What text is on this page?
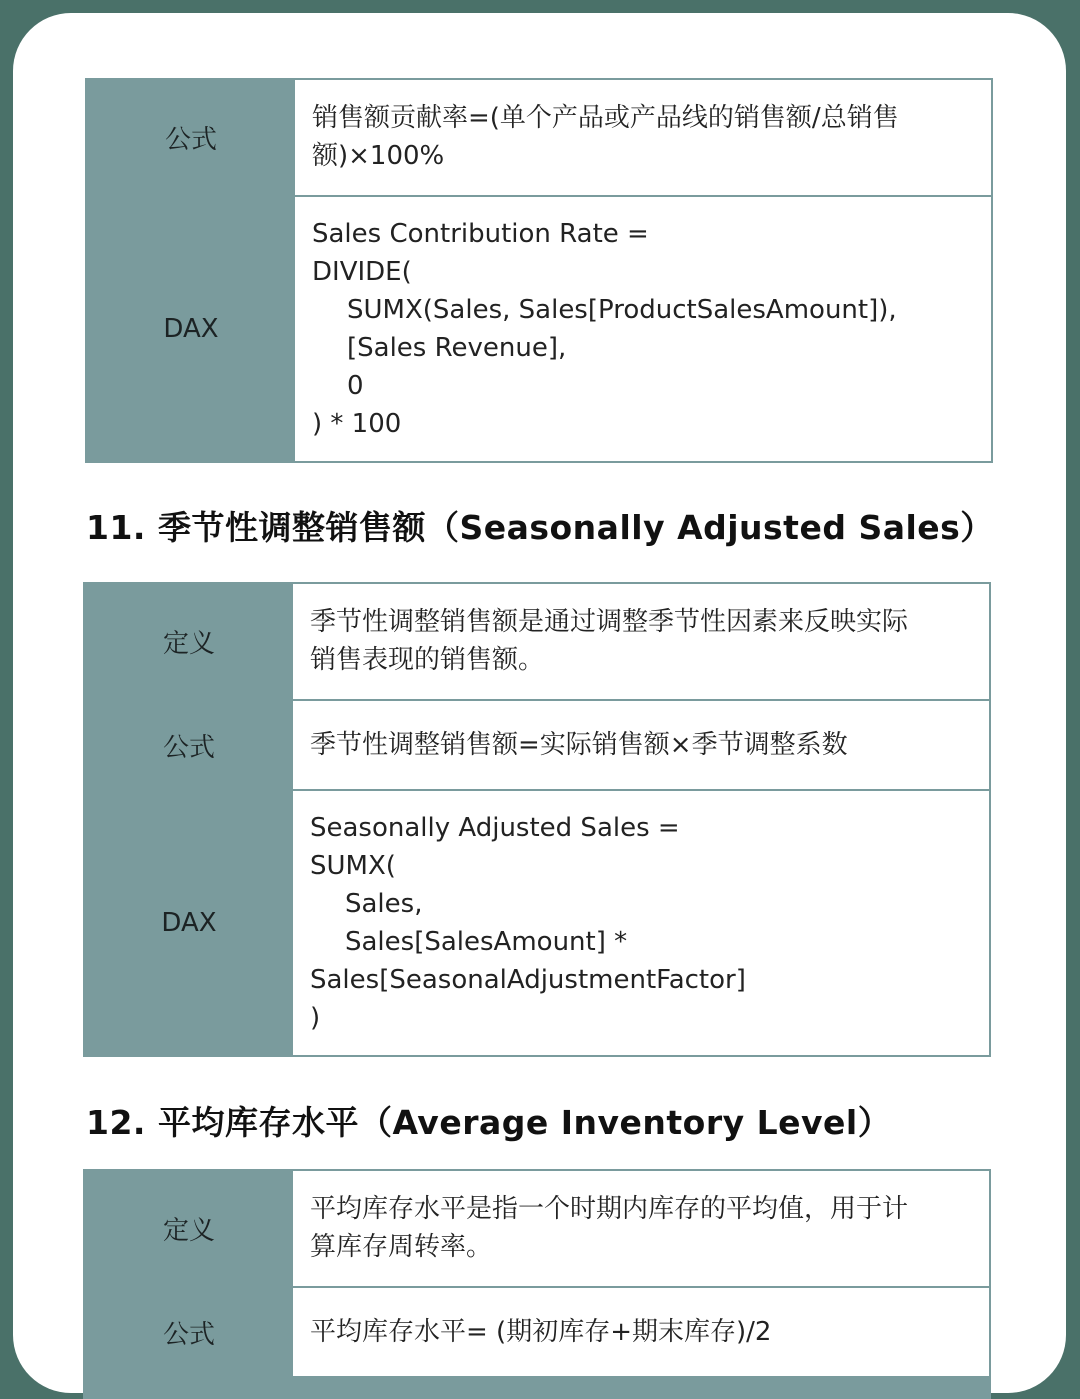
公式
销售额贡献率=(单个产品或产品线的销售额/总销售
额)×100%
DAX
Sales Contribution Rate =
DIVIDE(
SUMX(Sales, Sales[ProductSalesAmount]),
[Sales Revenue],
0
) * 100
11. 季节性调整销售额（Seasonally Adjusted Sales）
定义
季节性调整销售额是通过调整季节性因素来反映实际
销售表现的销售额。
公式	季节性调整销售额=实际销售额×季节调整系数
DAX
Seasonally Adjusted Sales =
SUMX(
Sales,
Sales[SalesAmount] *
Sales[SeasonalAdjustmentFactor]
)
12. 平均库存水平（Average Inventory Level）
定义
平均库存水平是指一个时期内库存的平均值，用于计
算库存周转率。
公式	平均库存水平= (期初库存+期末库存)/2
